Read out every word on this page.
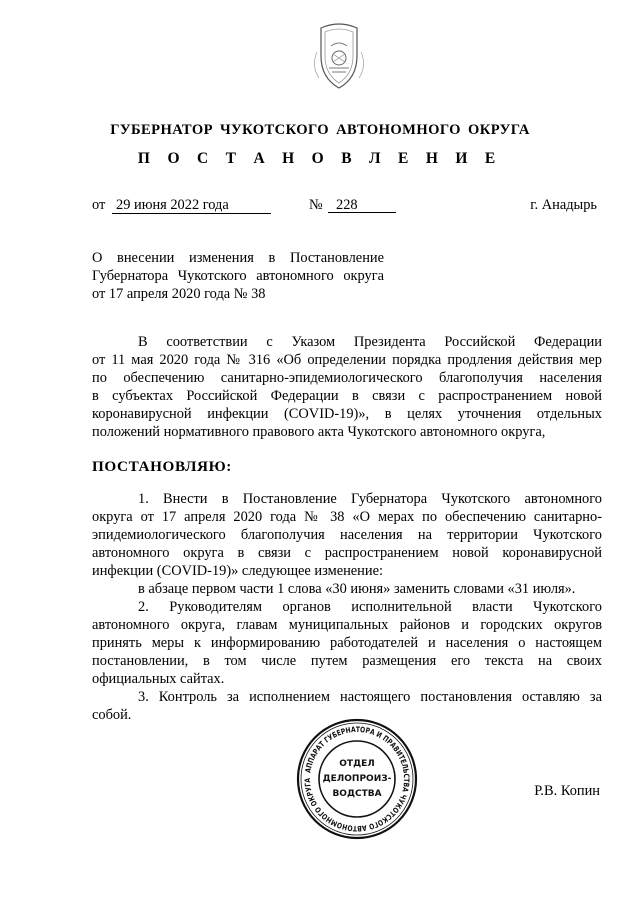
ГУБЕРНАТОР ЧУКОТСКОГО АВТОНОМНОГО ОКРУГА
П О С Т А Н О В Л Е Н И Е
от 29 июня 2022 года	№ 228	г. Анадырь
О внесении изменения в Постановление
Губернатора Чукотского автономного округа
от 17 апреля 2020 года № 38
В соответствии с Указом Президента Российской Федерации
от 11 мая 2020 года № 316 «Об определении порядка продления действия мер
по обеспечению санитарно-эпидемиологического благополучия населения
в субъектах Российской Федерации в связи с распространением новой
коронавирусной инфекции (COVID-19)», в целях уточнения отдельных
положений нормативного правового акта Чукотского автономного округа,
ПОСТАНОВЛЯЮ:
1. Внести в Постановление Губернатора Чукотского автономного
округа от 17 апреля 2020 года № 38 «О мерах по обеспечению санитарно-
эпидемиологического благополучия населения на территории Чукотского
автономного округа в связи с распространением новой коронавирусной
инфекции (COVID-19)» следующее изменение:
в абзаце первом части 1 слова «30 июня» заменить словами «31 июля».
2. Руководителям органов исполнительной власти Чукотского
автономного округа, главам муниципальных районов и городских округов
принять меры к информированию работодателей и населения о настоящем
постановлении, в том числе путем размещения его текста на своих
официальных сайтах.
3. Контроль за исполнением настоящего постановления оставляю за
собой.
АППАРАТ ГУБЕРНАТОРА И ПРАВИТЕЛЬСТВА ЧУКОТСКОГО АВТОНОМНОГО ОКРУГА
ОТДЕЛ
ДЕЛОПРОИЗ-
ВОДСТВА	Р.В. Копин
